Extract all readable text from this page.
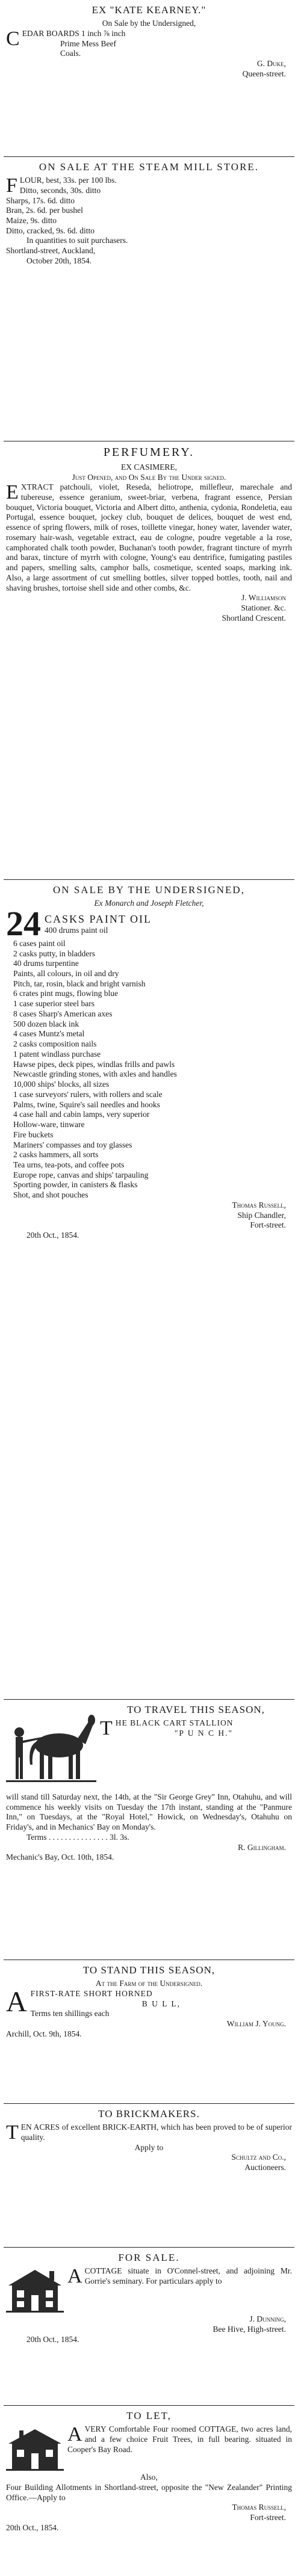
EX "KATE KEARNEY."
On Sale by the Undersigned,
CEDAR BOARDS 1 inch ⅞ inch
Prime Mess Beef
Coals.
G. Duke,
Queen-street.
ON SALE AT THE STEAM MILL STORE.
FLOUR, best, 33s. per 100 lbs.
Ditto, seconds, 30s. ditto
Sharps, 17s. 6d. ditto
Bran, 2s. 6d. per bushel
Maize, 9s. ditto
Ditto, cracked, 9s. 6d. ditto
In quantities to suit purchasers.
Shortland-street, Auckland,
October 20th, 1854.
PERFUMERY.
EX CASIMERE,
Just Opened, and On Sale By the Under signed.
EXTRACT patchouli, violet, Reseda, heliotrope, millefleur, marechale and tubereuse, essence geranium, sweet-briar, verbena, fragrant essence, Persian bouquet, Victoria bouquet, Victoria and Albert ditto, anthenia, cydonia, Rondeletia, eau Portugal, essence bouquet, jockey club, bouquet de delices, bouquet de west end, essence of spring flowers, milk of roses, toillette vinegar, honey water, lavender water, rosemary hair-wash, vegetable extract, eau de cologne, poudre vegetable a la rose, camphorated chalk tooth powder, Buchanan's tooth powder, fragrant tincture of myrrh and barax, tincture of myrrh with cologne, Young's eau dentrifice, fumigating pastiles and papers, smelling salts, camphor balls, cosmetique, scented soaps, marking ink. Also, a large assortment of cut smelling bottles, silver topped bottles, tooth, nail and shaving brushes, tortoise shell side and other combs, &c.
J. Williamson
Stationer. &c.
Shortland Crescent.
ON SALE BY THE UNDERSIGNED,
Ex Monarch and Joseph Fletcher,
24 CASKS PAINT OIL
400 drums paint oil
6 cases paint oil
2 casks putty, in bladders
40 drums turpentine
Paints, all colours, in oil and dry
Pitch, tar, rosin, black and bright varnish
6 crates pint mugs, flowing blue
1 case superior steel bars
8 cases Sharp's American axes
500 dozen black ink
4 cases Muntz's metal
2 casks composition nails
1 patent windlass purchase
Hawse pipes, deck pipes, windlas frills and pawls
Newcastle grinding stones, with axles and handles
10,000 ships' blocks, all sizes
1 case surveyors' rulers, with rollers and scale
Palms, twine, Squire's sail needles and hooks
4 case hall and cabin lamps, very superior
Hollow-ware, tinware
Fire buckets
Mariners' compasses and toy glasses
2 casks hammers, all sorts
Tea urns, tea-pots, and coffee pots
Europe rope, canvas and ships' tarpauling
Sporting powder, in canisters & flasks
Shot, and shot pouches
Thomas Russell,
Ship Chandler,
Fort-street.
20th Oct., 1854.
TO TRAVEL THIS SEASON,
THE BLACK CART STALLION
"P U N C H."
will stand till Saturday next, the 14th, at the "Sir George Grey" Inn, Otahuhu, and will commence his weekly visits on Tuesday the 17th instant, standing at the "Panmure Inn," on Tuesdays, at the "Royal Hotel," Howick, on Wednesday's, Otahuhu on Friday's, and in Mechanics' Bay on Monday's.
Terms . . . . . . . . . . . . . . . 3l. 3s.
R. Gillingham.
Mechanic's Bay, Oct. 10th, 1854.
TO STAND THIS SEASON,
At the Farm of the Undersigned.
AFIRST-RATE SHORT HORNED
B U L L,
Terms ten shillings each
William J. Young.
Archill, Oct. 9th, 1854.
TO BRICKMAKERS.
TEN ACRES of excellent BRICK-EARTH, which has been proved to be of superior quality.
Apply to
Schultz and Co.,
Auctioneers.
FOR SALE.
ACOTTAGE situate in O'Connel-street, and adjoining Mr. Gorrie's seminary. For particulars apply to
J. Dunning,
Bee Hive, High-street.
20th Oct., 1854.
TO LET,
AVERY Comfortable Four roomed COTTAGE, two acres land, and a few choice Fruit Trees, in full bearing. situated in Cooper's Bay Road.
Also,
Four Building Allotments in Shortland-street, opposite the "New Zealander" Printing Office.—Apply to
Thomas Russell,
Fort-street.
20th Oct., 1854.
